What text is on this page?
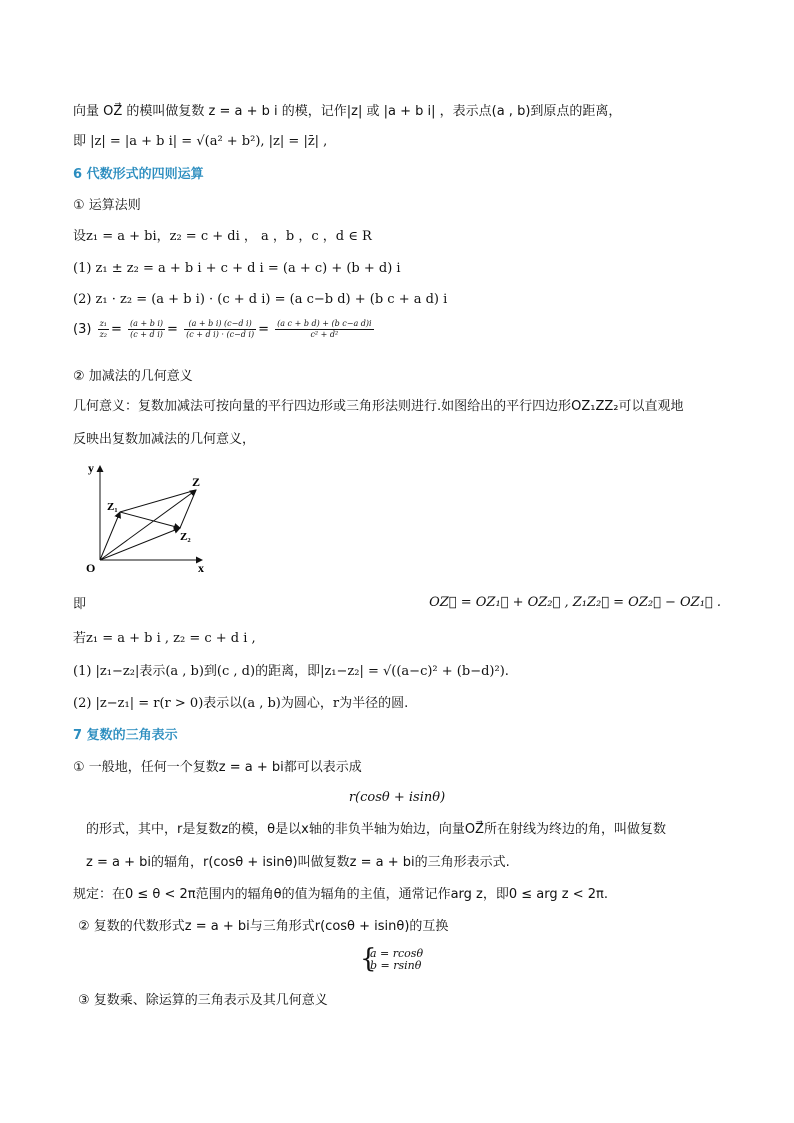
向量 OZ⃗ 的模叫做复数 z = a + b i 的模，记作|z| 或 |a + b i| ，表示点(a , b)到原点的距离，
即 |z| = |a + b i| = √(a² + b²), |z| = |z̄| ,
6 代数形式的四则运算
① 运算法则
设z₁ = a + bi，z₂ = c + di ， a ，b ，c ，d ∈ R
(1) z₁ ± z₂ = a + b i + c + d i = (a + c) + (b + d) i
(2) z₁ · z₂ = (a + b i) · (c + d i) = (a c−b d) + (b c + a d) i
$(3) \frac{\text{z₁}}{\text{z₂}} = \frac{\text{(a + b i)}}{\text{(c + d i)}} = \frac{\text{(a + b i) (c−d i)}}{\text{(c + d i) · (c−d i)}} = \frac{\text{(a c + b d) + (b c−a d)i}}{\text{c² + d²}}$
② 加减法的几何意义
几何意义：复数加减法可按向量的平行四边形或三角形法则进行.如图给出的平行四边形OZ₁ZZ₂可以直观地
反映出复数加减法的几何意义，
y
x
O
Z
Z₁
Z₂
即	OZ⃗ = OZ₁⃗ + OZ₂⃗ , Z₁Z₂⃗ = OZ₂⃗ − OZ₁⃗ .
若z₁ = a + b i , z₂ = c + d i ,
(1) |z₁−z₂|表示(a , b)到(c , d)的距离，即|z₁−z₂| = √((a−c)² + (b−d)²).
(2) |z−z₁| = r(r > 0)表示以(a , b)为圆心，r为半径的圆.
7 复数的三角表示
① 一般地，任何一个复数z = a + bi都可以表示成
r(cosθ + isinθ)
的形式，其中，r是复数z的模，θ是以x轴的非负半轴为始边，向量OZ⃗所在射线为终边的角，叫做复数
z = a + bi的辐角，r(cosθ + isinθ)叫做复数z = a + bi的三角形表示式.
规定：在0 ≤ θ < 2π范围内的辐角θ的值为辐角的主值，通常记作arg z，即0 ≤ arg z < 2π.
② 复数的代数形式z = a + bi与三角形式r(cosθ + isinθ)的互换
{
a = rcosθ
b = rsinθ
③ 复数乘、除运算的三角表示及其几何意义
